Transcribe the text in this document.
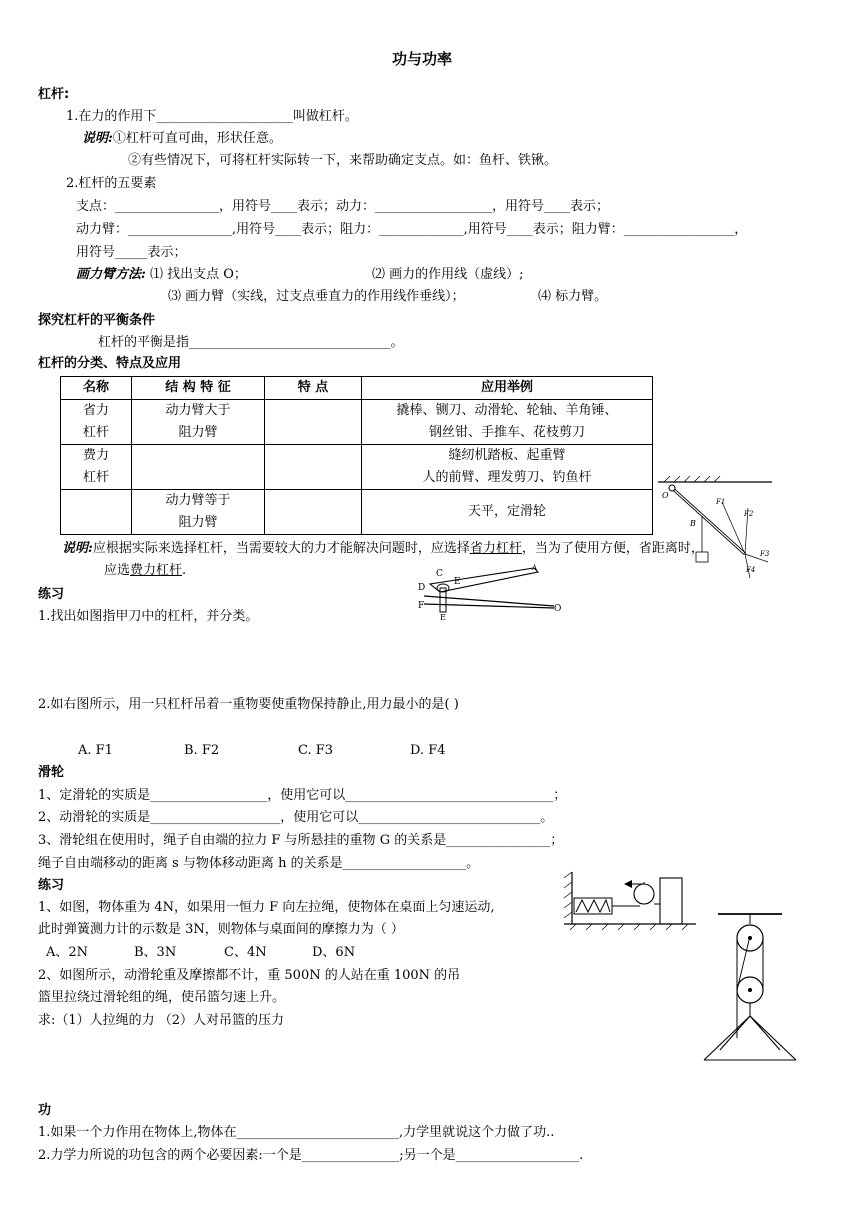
功与功率
杠杆:
1.在力的作用下_____________________叫做杠杆。
说明:①杠杆可直可曲，形状任意。
②有些情况下，可将杠杆实际转一下，来帮助确定支点。如：鱼杆、铁锹。
2.杠杆的五要素
支点：________________，用符号____表示；动力：__________________，用符号____表示；
动力臂：________________,用符号____表示；阻力：_____________,用符号____表示；阻力臂：_________________，
用符号_____表示；
画力臂方法: ⑴ 找出支点 O；	⑵ 画力的作用线（虚线）;
⑶ 画力臂（实线，过支点垂直力的作用线作垂线）；	⑷ 标力臂。
探究杠杆的平衡条件
杠杆的平衡是指_______________________________。
杠杆的分类、特点及应用
名称	结 构 特 征	特 点	应用举例
省力
杠杆	动力臂大于
阻力臂		撬棒、铡刀、动滑轮、轮轴、羊角锤、
钢丝钳、手推车、花枝剪刀
费力
杠杆			缝纫机踏板、起重臂
人的前臂、理发剪刀、钓鱼杆

	动力臂等于
阻力臂		天平，定滑轮
说明:应根据实际来选择杠杆，当需要较大的力才能解决问题时，应选择省力杠杆，当为了使用方便，省距离时，
应选费力杠杆.
O
B
F1
F2
F3
F4
练习
1.找出如图指甲刀中的杠杆，并分类。
C
D
E
F
E
O
A
2.如右图所示，用一只杠杆吊着一重物要使重物保持静止,用力最小的是( )
A. F1	B. F2	C. F3	D. F4
滑轮
1、定滑轮的实质是__________________，使用它可以________________________________；
2、动滑轮的实质是____________________，使用它可以____________________________。
3、滑轮组在使用时，绳子自由端的拉力 F 与所悬挂的重物 G 的关系是________________；
绳子自由端移动的距离 s 与物体移动距离 h 的关系是___________________。
练习
1、如图，物体重为 4N，如果用一恒力 F 向左拉绳，使物体在桌面上匀速运动,
此时弹簧测力计的示数是 3N，则物体与桌面间的摩擦力为（ ）
A、2N	B、3N	C、4N	D、6N
2、如图所示，动滑轮重及摩擦都不计，重 500N 的人站在重 100N 的吊
篮里拉绕过滑轮组的绳，使吊篮匀速上升。
求:（1）人拉绳的力 （2）人对吊篮的压力
功
1.如果一个力作用在物体上,物体在_________________________,力学里就说这个力做了功..
2.力学力所说的功包含的两个必要因素:一个是_______________;另一个是___________________.
